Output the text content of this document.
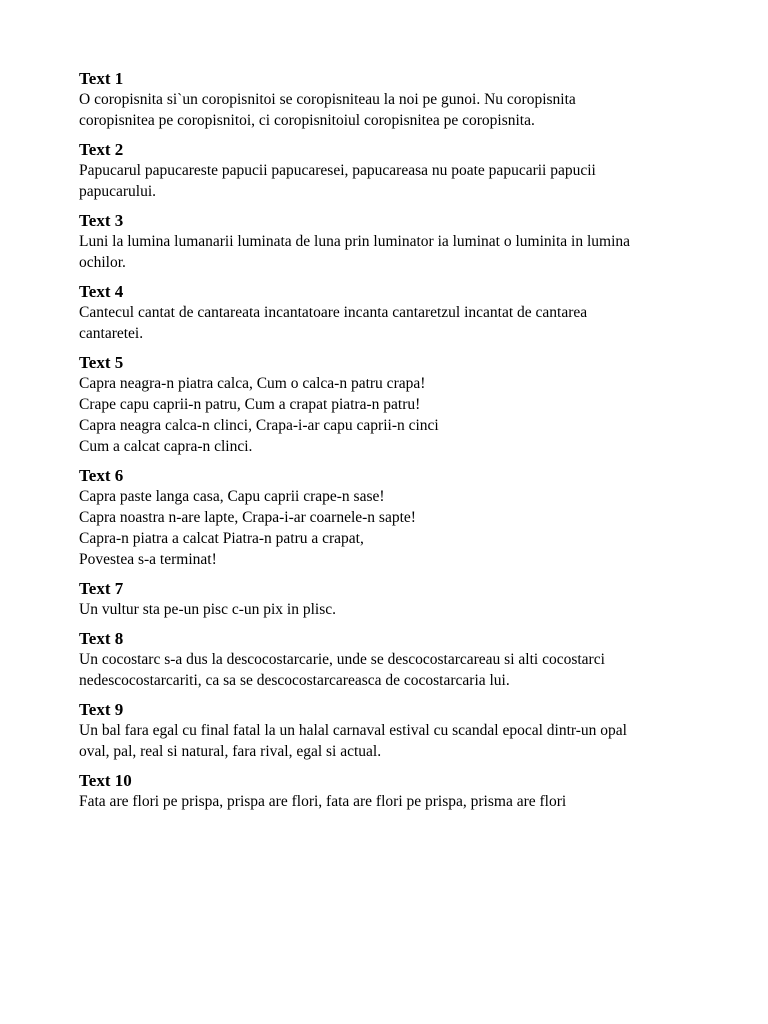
Text 1
O coropisnita si`un coropisnitoi se coropisniteau la noi pe gunoi. Nu coropisnita
coropisnitea pe coropisnitoi, ci coropisnitoiul coropisnitea pe coropisnita.
Text 2
Papucarul papucareste papucii papucaresei, papucareasa nu poate papucarii papucii
papucarului.
Text 3
Luni la lumina lumanarii luminata de luna prin luminator ia luminat o luminita in lumina
ochilor.
Text 4
Cantecul cantat de cantareata incantatoare incanta cantaretzul incantat de cantarea
cantaretei.
Text 5
Capra neagra-n piatra calca, Cum o calca-n patru crapa!
Crape capu caprii-n patru, Cum a crapat piatra-n patru!
Capra neagra calca-n clinci, Crapa-i-ar capu caprii-n cinci
Cum a calcat capra-n clinci.
Text 6
Capra paste langa casa, Capu caprii crape-n sase!
Capra noastra n-are lapte, Crapa-i-ar coarnele-n sapte!
Capra-n piatra a calcat Piatra-n patru a crapat,
Povestea s-a terminat!
Text 7
Un vultur sta pe-un pisc c-un pix in plisc.
Text 8
Un cocostarc s-a dus la descocostarcarie, unde se descocostarcareau si alti cocostarci
nedescocostarcariti, ca sa se descocostarcareasca de cocostarcaria lui.
Text 9
Un bal fara egal cu final fatal la un halal carnaval estival cu scandal epocal dintr-un opal
oval, pal, real si natural, fara rival, egal si actual.
Text 10
Fata are flori pe prispa, prispa are flori, fata are flori pe prispa, prisma are flori
